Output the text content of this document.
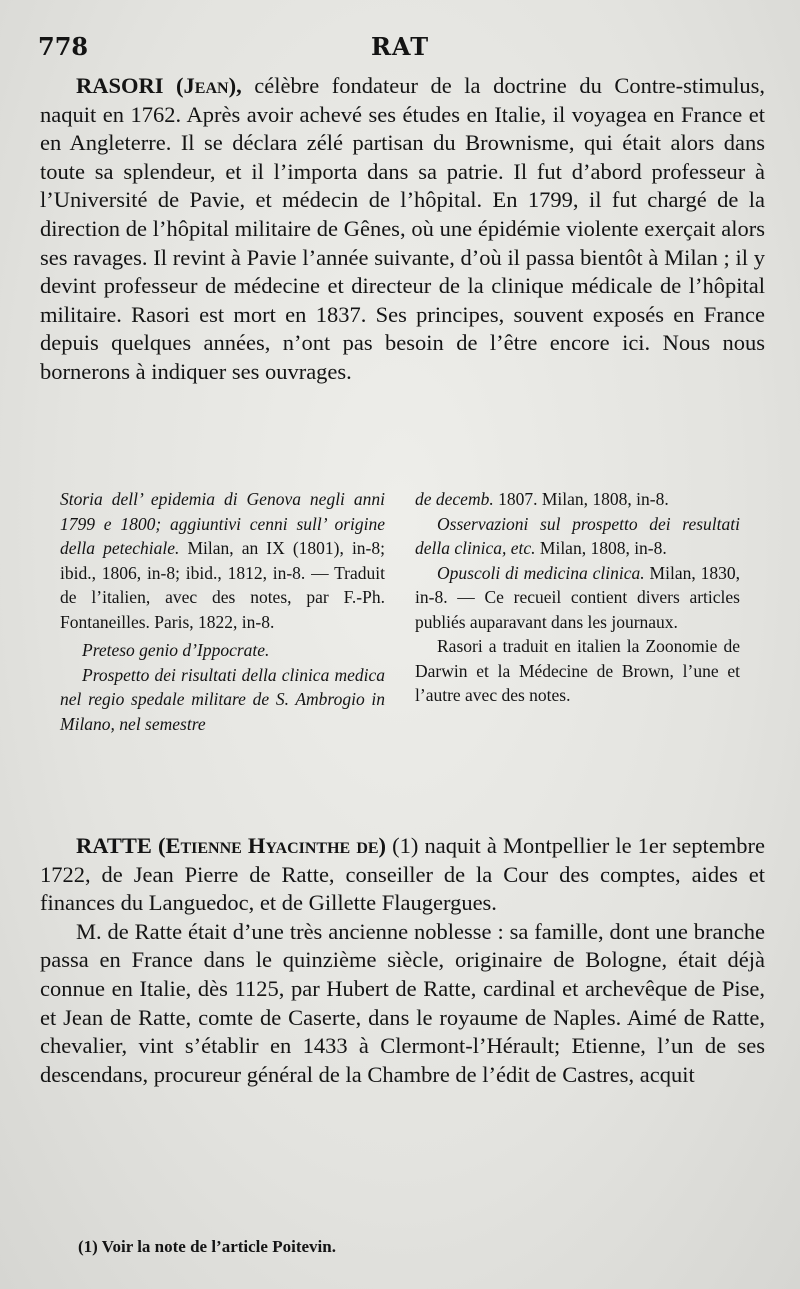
778	RAT

RASORI (Jean), célèbre fondateur de la doctrine du Contre-stimulus, naquit en 1762. Après avoir achevé ses études en Italie, il voyagea en France et en Angleterre. Il se déclara zélé partisan du Brownisme, qui était alors dans toute sa splendeur, et il l’importa dans sa patrie. Il fut d’abord professeur à l’Université de Pavie, et médecin de l’hôpital. En 1799, il fut chargé de la direction de l’hôpital militaire de Gênes, où une épidémie violente exerçait alors ses ravages. Il revint à Pavie l’année suivante, d’où il passa bientôt à Milan ; il y devint professeur de médecine et directeur de la clinique médicale de l’hôpital militaire. Rasori est mort en 1837. Ses principes, souvent exposés en France depuis quelques années, n’ont pas besoin de l’être encore ici. Nous nous bornerons à indiquer ses ouvrages.

Storia dell’ epidemia di Genova negli anni 1799 e 1800; aggiuntivi cenni sull’ origine della petechiale. Milan, an IX (1801), in-8; ibid., 1806, in-8; ibid., 1812, in-8. — Traduit de l’italien, avec des notes, par F.-Ph. Fontaneilles. Paris, 1822, in-8.

Preteso genio d’Ippocrate.

Prospetto dei risultati della clinica medica nel regio spedale militare de S. Ambrogio in Milano, nel semestre

de decemb. 1807. Milan, 1808, in-8.

Osservazioni sul prospetto dei resultati della clinica, etc. Milan, 1808, in-8.

Opuscoli di medicina clinica. Milan, 1830, in-8. — Ce recueil contient divers articles publiés auparavant dans les journaux.

Rasori a traduit en italien la Zoonomie de Darwin et la Médecine de Brown, l’une et l’autre avec des notes.

RATTE (Etienne Hyacinthe de) (1) naquit à Montpellier le 1er septembre 1722, de Jean Pierre de Ratte, conseiller de la Cour des comptes, aides et finances du Languedoc, et de Gillette Flaugergues.

M. de Ratte était d’une très ancienne noblesse : sa famille, dont une branche passa en France dans le quinzième siècle, originaire de Bologne, était déjà connue en Italie, dès 1125, par Hubert de Ratte, cardinal et archevêque de Pise, et Jean de Ratte, comte de Caserte, dans le royaume de Naples. Aimé de Ratte, chevalier, vint s’établir en 1433 à Clermont-l’Hérault; Etienne, l’un de ses descendans, procureur général de la Chambre de l’édit de Castres, acquit

(1) Voir la note de l’article Poitevin.
